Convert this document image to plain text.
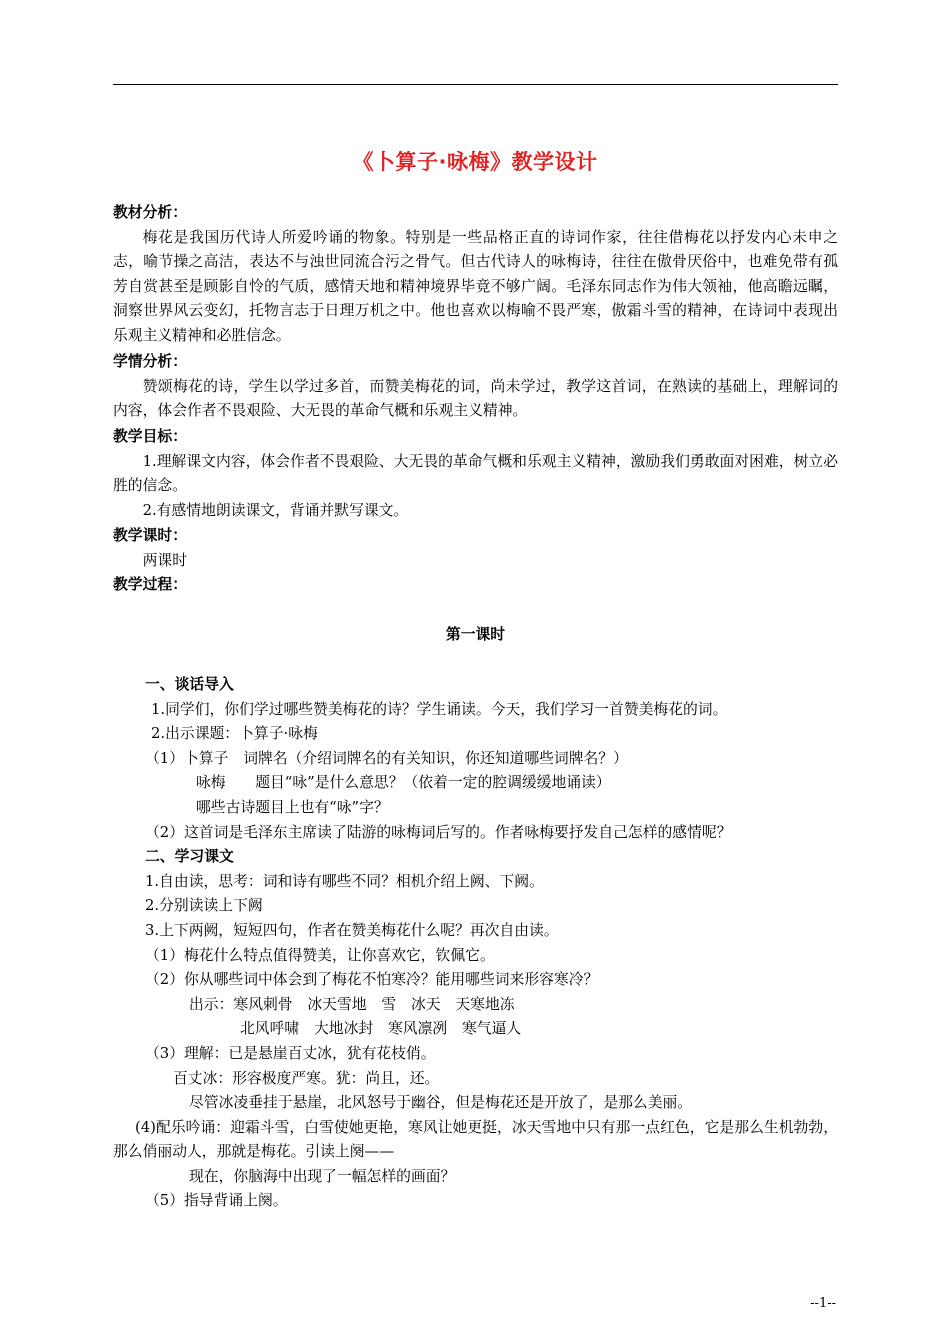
《卜算子·咏梅》教学设计
教材分析：

梅花是我国历代诗人所爱吟诵的物象。特别是一些品格正直的诗词作家，往往借梅花以抒发内心未申之志，喻节操之高洁，表达不与浊世同流合污之骨气。但古代诗人的咏梅诗，往往在傲骨厌俗中，也难免带有孤芳自赏甚至是顾影自怜的气质，感情天地和精神境界毕竟不够广阔。毛泽东同志作为伟大领袖，他高瞻远瞩，洞察世界风云变幻，托物言志于日理万机之中。他也喜欢以梅喻不畏严寒，傲霜斗雪的精神，在诗词中表现出乐观主义精神和必胜信念。

学情分析：

赞颂梅花的诗，学生以学过多首，而赞美梅花的词，尚未学过，教学这首词，在熟读的基础上，理解词的内容，体会作者不畏艰险、大无畏的革命气概和乐观主义精神。

教学目标：

1.理解课文内容，体会作者不畏艰险、大无畏的革命气概和乐观主义精神，激励我们勇敢面对困难，树立必胜的信念。

2.有感情地朗读课文，背诵并默写课文。

教学课时：

两课时

教学过程：
第一课时
一、谈话导入
1.同学们，你们学过哪些赞美梅花的诗？学生诵读。今天，我们学习一首赞美梅花的词。
2.出示课题：卜算子·咏梅
（1）卜算子　词牌名（介绍词牌名的有关知识，你还知道哪些词牌名？）
咏梅　　题目“咏”是什么意思？（依着一定的腔调缓缓地诵读）
哪些古诗题目上也有“咏”字？
（2）这首词是毛泽东主席读了陆游的咏梅词后写的。作者咏梅要抒发自己怎样的感情呢？
二、学习课文
1.自由读，思考：词和诗有哪些不同？相机介绍上阙、下阙。
2.分别读读上下阙
3.上下两阙，短短四句，作者在赞美梅花什么呢？再次自由读。
（1）梅花什么特点值得赞美，让你喜欢它，钦佩它。
（2）你从哪些词中体会到了梅花不怕寒冷？能用哪些词来形容寒冷？
出示：寒风刺骨　冰天雪地　雪　冰天　天寒地冻
北风呼啸　大地冰封　寒风凛冽　寒气逼人
（3）理解：已是悬崖百丈冰，犹有花枝俏。
百丈冰：形容极度严寒。犹：尚且，还。
尽管冰凌垂挂于悬崖，北风怒号于幽谷，但是梅花还是开放了，是那么美丽。

(4)配乐吟诵：迎霜斗雪，白雪使她更艳，寒风让她更挺，冰天雪地中只有那一点红色，它是那么生机勃勃，那么俏丽动人，那就是梅花。引读上阕——

现在，你脑海中出现了一幅怎样的画面？
（5）指导背诵上阕。
--1--
